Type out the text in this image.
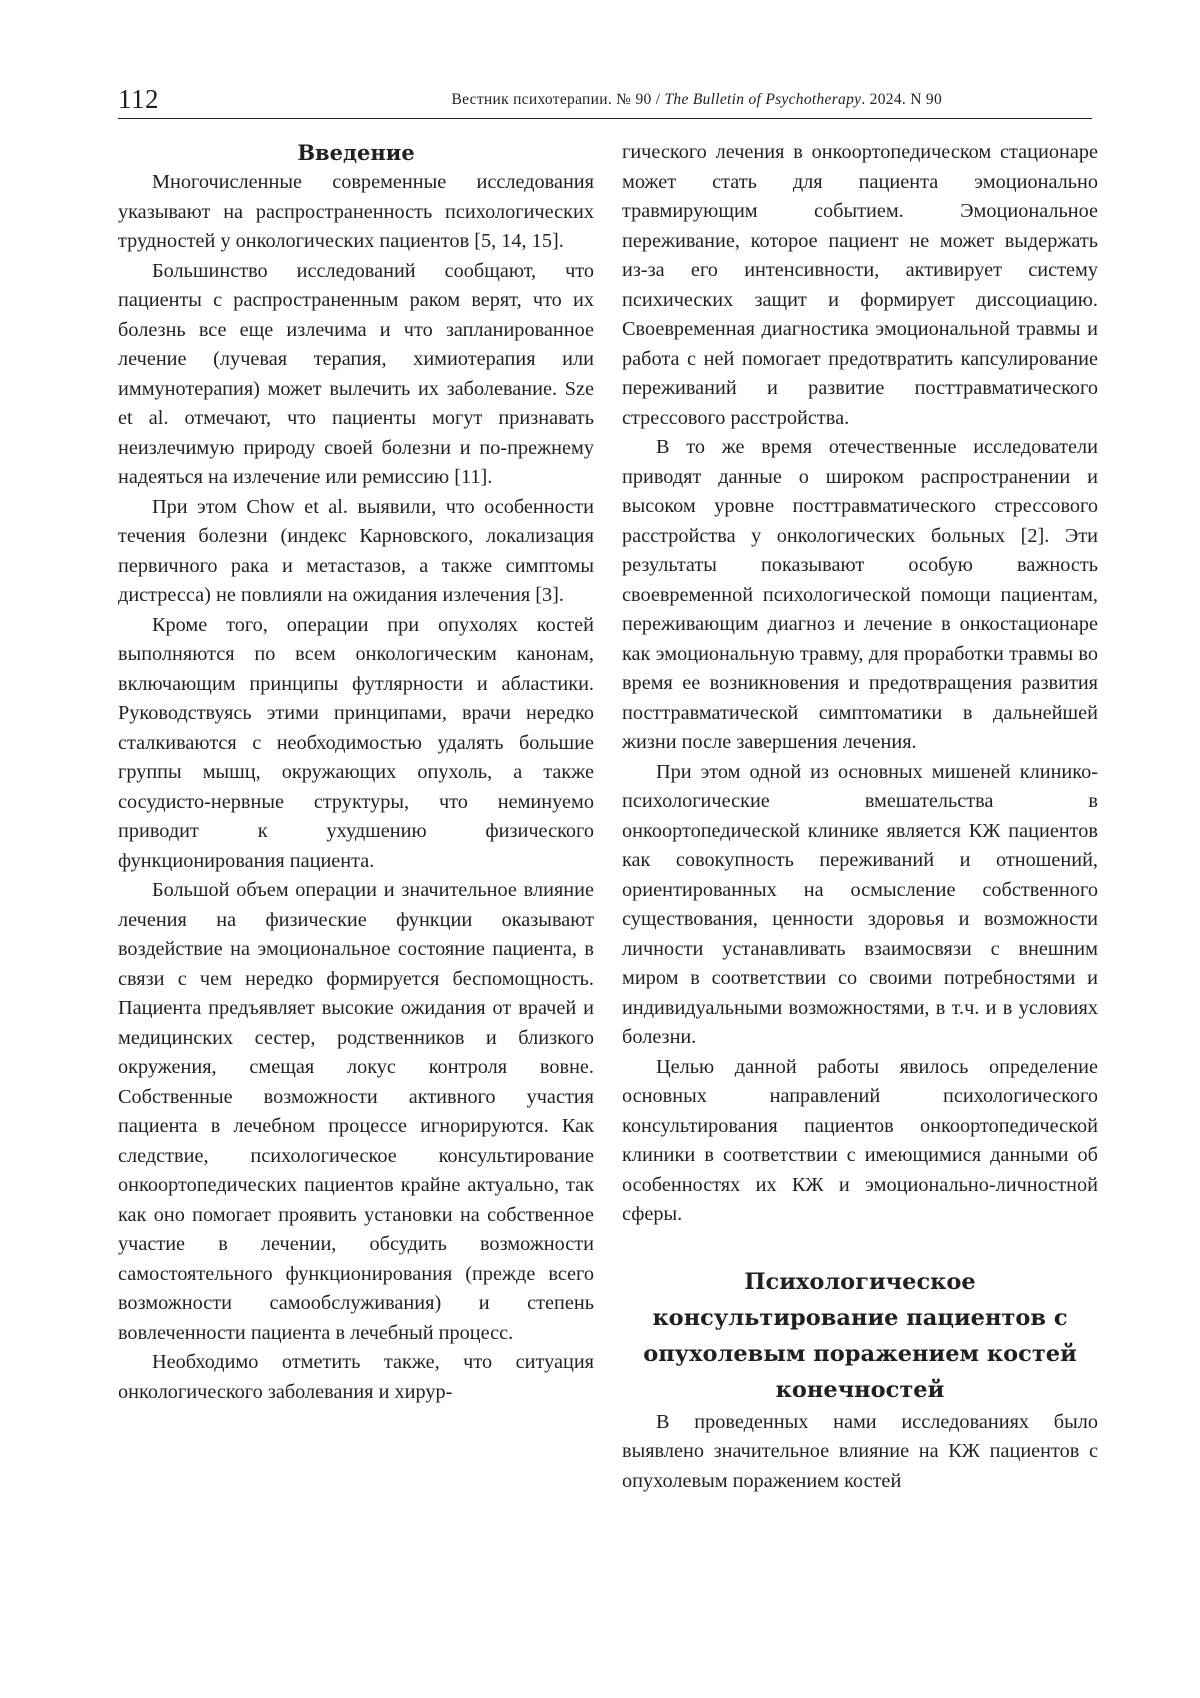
112	Вестник психотерапии. № 90 / The Bulletin of Psychotherapy. 2024. N 90
Введение

Многочисленные современные исследования указывают на распространенность психологических трудностей у онкологических пациентов [5, 14, 15].

Большинство исследований сообщают, что пациенты с распространенным раком верят, что их болезнь все еще излечима и что запланированное лечение (лучевая терапия, химиотерапия или иммунотерапия) может вылечить их заболевание. Sze et al. отмечают, что пациенты могут признавать неизлечимую природу своей болезни и по-прежнему надеяться на излечение или ремиссию [11].

При этом Chow et al. выявили, что особенности течения болезни (индекс Карновского, локализация первичного рака и метастазов, а также симптомы дистресса) не повлияли на ожидания излечения [3].

Кроме того, операции при опухолях костей выполняются по всем онкологическим канонам, включающим принципы футлярности и абластики. Руководствуясь этими принципами, врачи нередко сталкиваются с необходимостью удалять большие группы мышц, окружающих опухоль, а также сосудисто-нервные структуры, что неминуемо приводит к ухудшению физического функционирования пациента.

Большой объем операции и значительное влияние лечения на физические функции оказывают воздействие на эмоциональное состояние пациента, в связи с чем нередко формируется беспомощность. Пациента предъявляет высокие ожидания от врачей и медицинских сестер, родственников и близкого окружения, смещая локус контроля вовне. Собственные возможности активного участия пациента в лечебном процессе игнорируются. Как следствие, психологическое консультирование онкоортопедических пациентов крайне актуально, так как оно помогает проявить установки на собственное участие в лечении, обсудить возможности самостоятельного функционирования (прежде всего возможности самообслуживания) и степень вовлеченности пациента в лечебный процесс.

Необходимо отметить также, что ситуация онкологического заболевания и хирур-

гического лечения в онкоортопедическом стационаре может стать для пациента эмоционально травмирующим событием. Эмоциональное переживание, которое пациент не может выдержать из-за его интенсивности, активирует систему психических защит и формирует диссоциацию. Своевременная диагностика эмоциональной травмы и работа с ней помогает предотвратить капсулирование переживаний и развитие посттравматического стрессового расстройства.

В то же время отечественные исследователи приводят данные о широком распространении и высоком уровне посттравматического стрессового расстройства у онкологических больных [2]. Эти результаты показывают особую важность своевременной психологической помощи пациентам, переживающим диагноз и лечение в онкостационаре как эмоциональную травму, для проработки травмы во время ее возникновения и предотвращения развития посттравматической симптоматики в дальнейшей жизни после завершения лечения.

При этом одной из основных мишеней клинико-психологические вмешательства в онкоортопедической клинике является КЖ пациентов как совокупность переживаний и отношений, ориентированных на осмысление собственного существования, ценности здоровья и возможности личности устанавливать взаимосвязи с внешним миром в соответствии со своими потребностями и индивидуальными возможностями, в т.ч. и в условиях болезни.

Целью данной работы явилось определение основных направлений психологического консультирования пациентов онкоортопедической клиники в соответствии с имеющимися данными об особенностях их КЖ и эмоционально-личностной сферы.

Психологическое консультирование пациентов с опухолевым поражением костей конечностей

В проведенных нами исследованиях было выявлено значительное влияние на КЖ пациентов с опухолевым поражением костей
